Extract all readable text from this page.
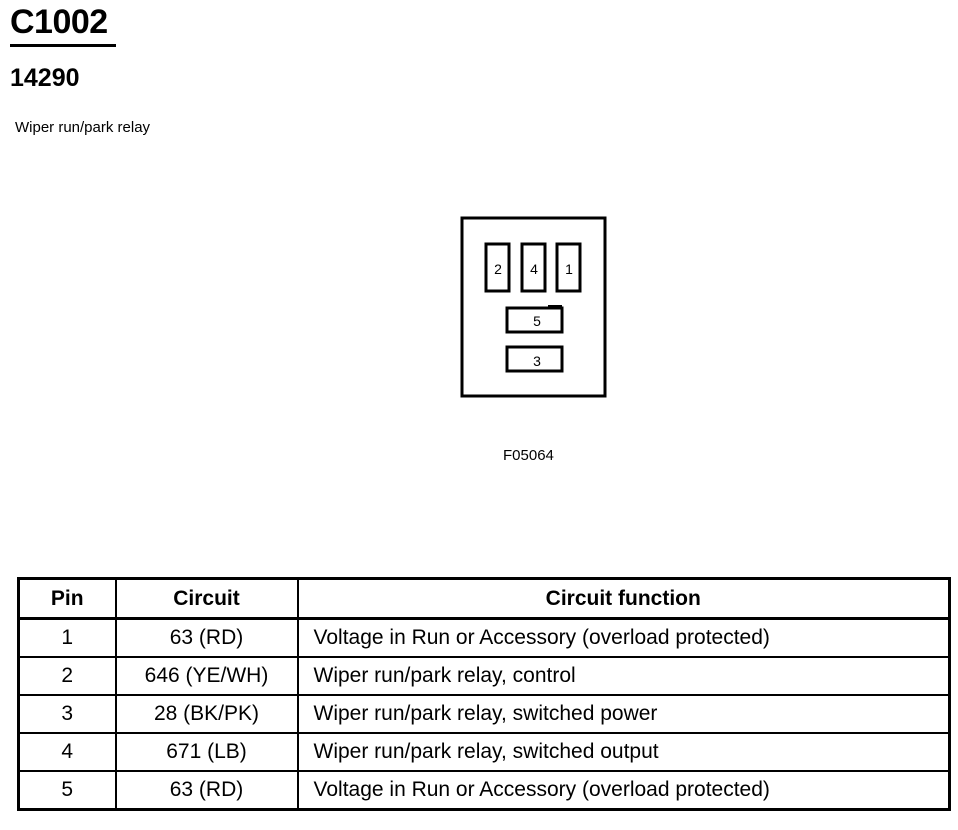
C1002
14290
Wiper run/park relay
2 4 1
5
3
F05064
Pin	Circuit	Circuit function
1	63 (RD)	Voltage in Run or Accessory (overload protected)
2	646 (YE/WH)	Wiper run/park relay, control
3	28 (BK/PK)	Wiper run/park relay, switched power
4	671 (LB)	Wiper run/park relay, switched output
5	63 (RD)	Voltage in Run or Accessory (overload protected)
